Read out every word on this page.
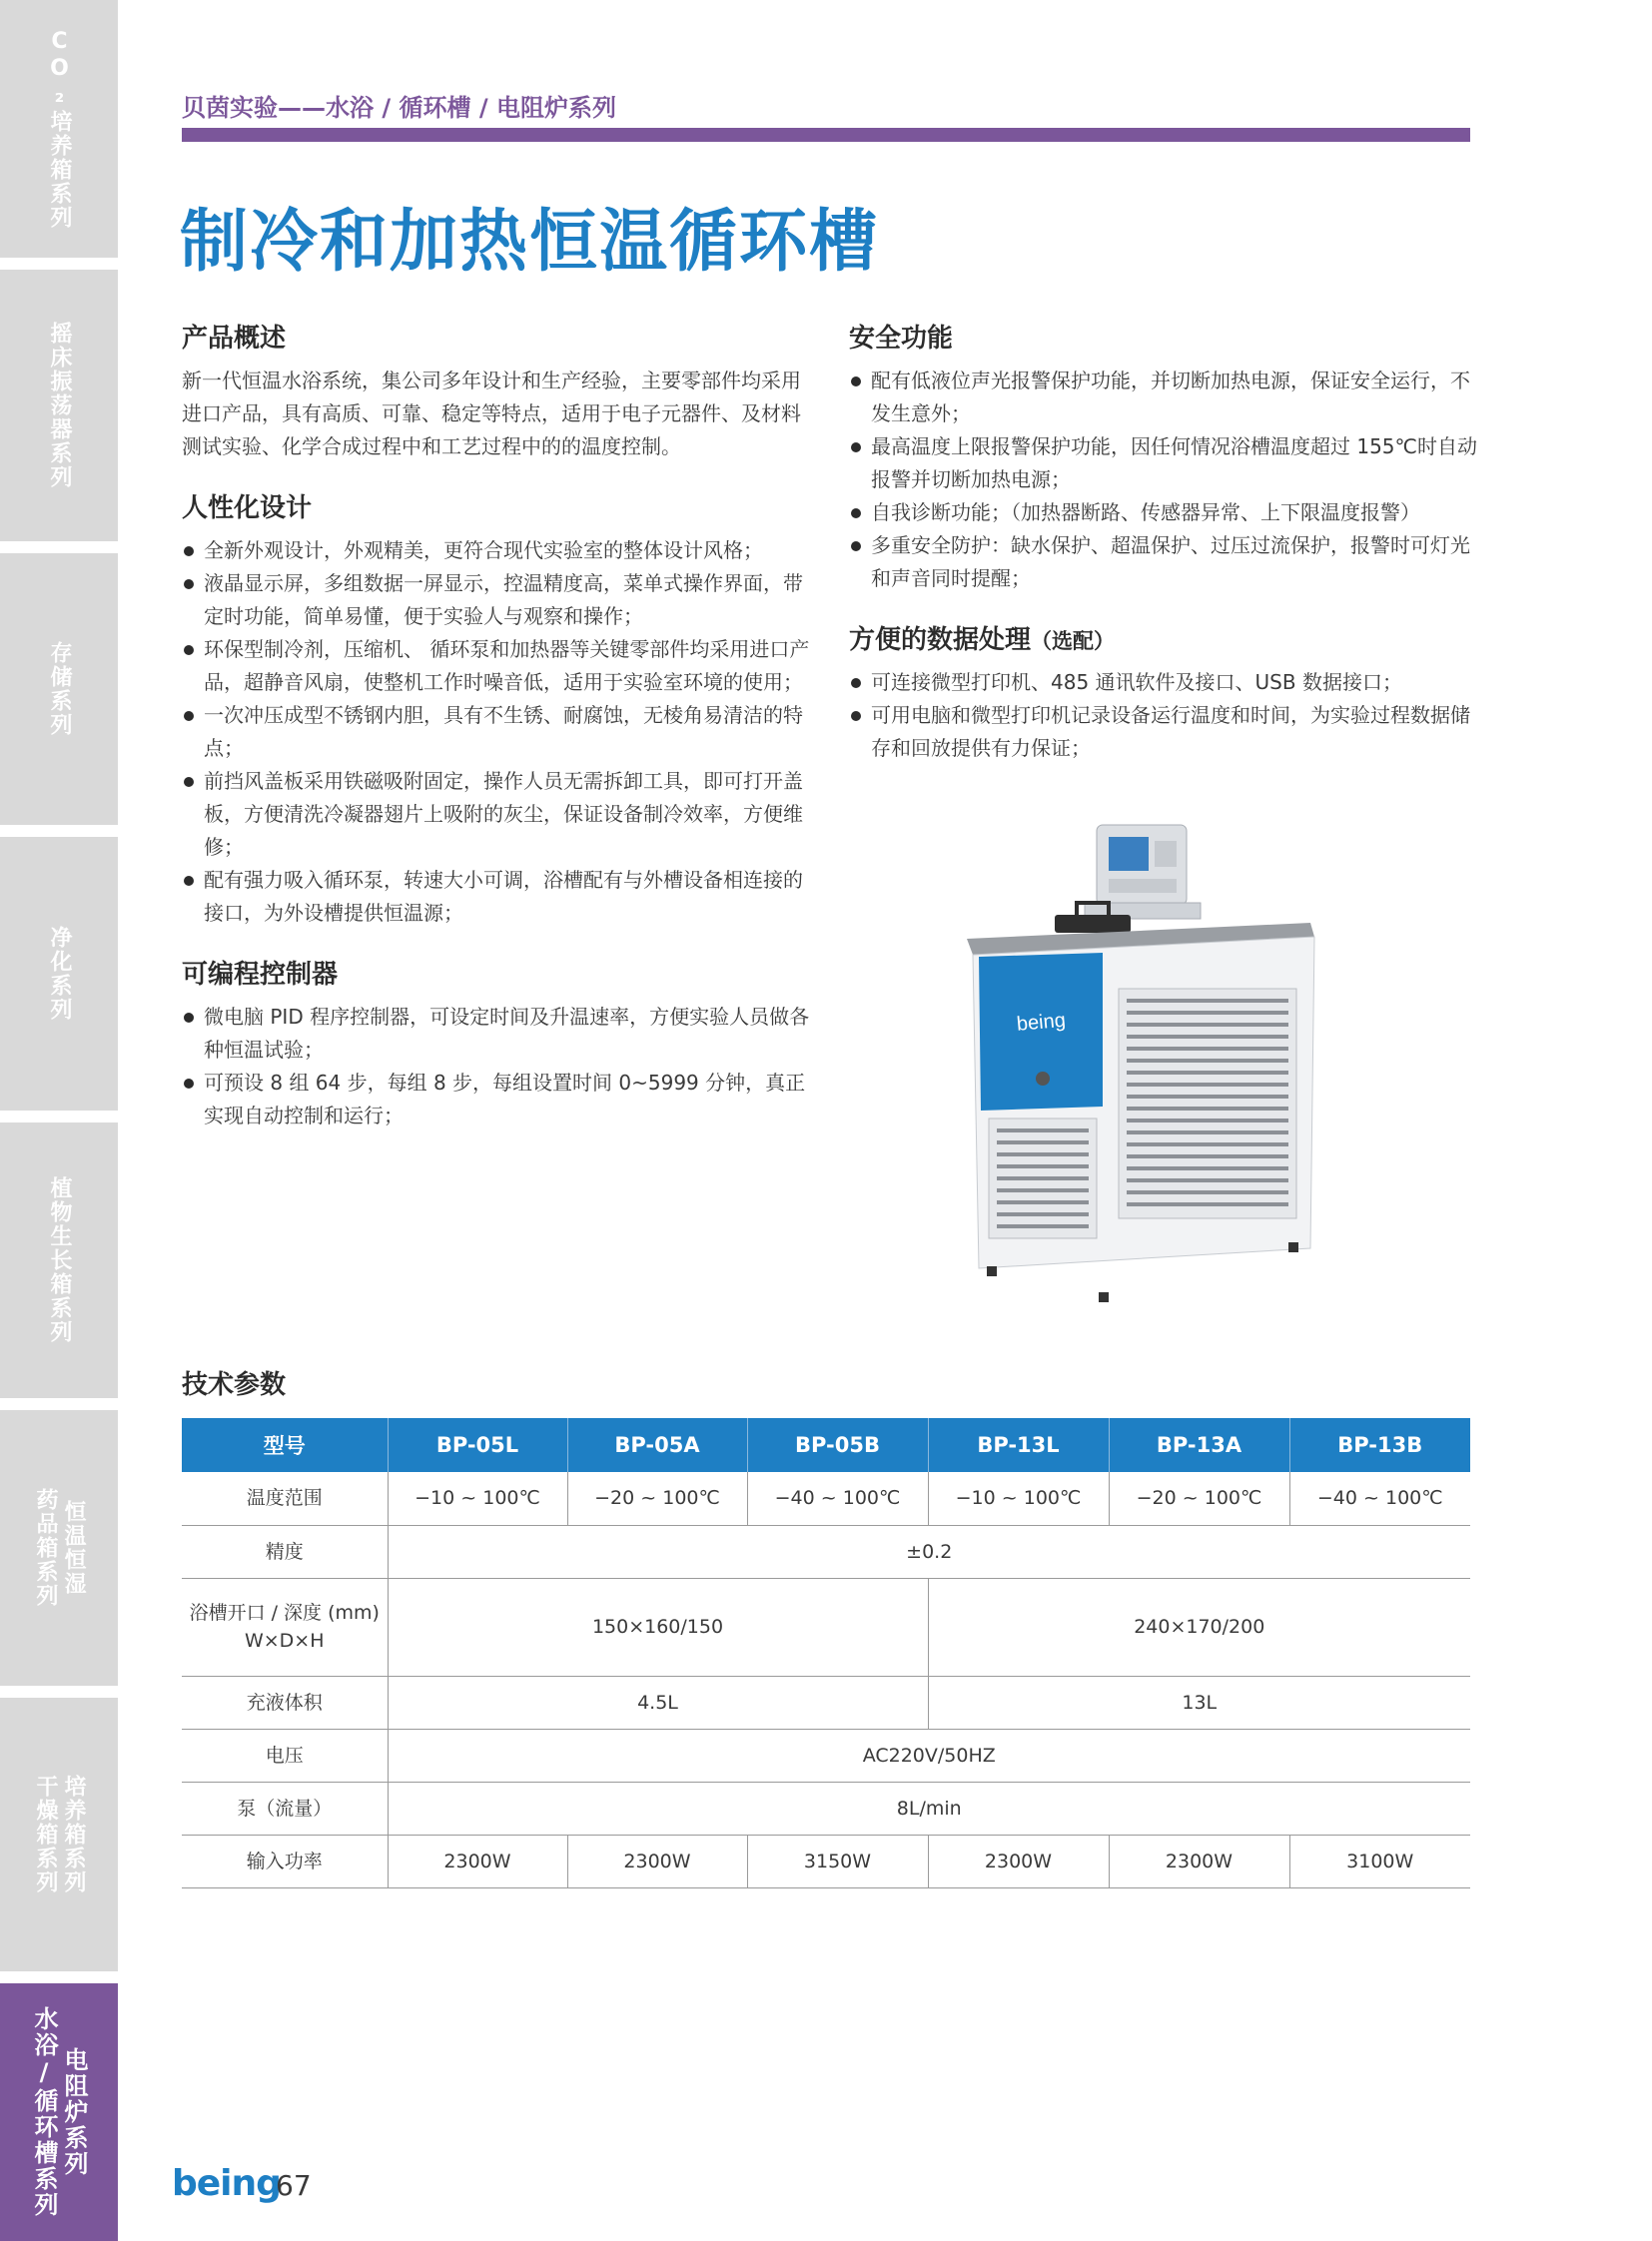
CO₂培养箱系列
摇床振荡器系列
存储系列
净化系列
植物生长箱系列
药品箱系列 恒温恒湿
干燥箱系列 培养箱系列
水浴/循环槽系列 电阻炉系列
贝茵实验——水浴 / 循环槽 / 电阻炉系列
制冷和加热恒温循环槽
产品概述

新一代恒温水浴系统，集公司多年设计和生产经验，主要零部件均采用进口产品，具有高质、可靠、稳定等特点，适用于电子元器件、及材料测试实验、化学合成过程中和工艺过程中的的温度控制。

人性化设计
全新外观设计，外观精美，更符合现代实验室的整体设计风格；
液晶显示屏，多组数据一屏显示，控温精度高，菜单式操作界面，带定时功能，简单易懂，便于实验人与观察和操作；
环保型制冷剂，压缩机、 循环泵和加热器等关键零部件均采用进口产品，超静音风扇，使整机工作时噪音低，适用于实验室环境的使用；
一次冲压成型不锈钢内胆，具有不生锈、耐腐蚀，无棱角易清洁的特点；
前挡风盖板采用铁磁吸附固定，操作人员无需拆卸工具，即可打开盖板，方便清洗冷凝器翅片上吸附的灰尘，保证设备制冷效率，方便维修；
配有强力吸入循环泵，转速大小可调，浴槽配有与外槽设备相连接的接口，为外设槽提供恒温源；
可编程控制器
微电脑 PID 程序控制器，可设定时间及升温速率，方便实验人员做各种恒温试验；
可预设 8 组 64 步，每组 8 步，每组设置时间 0~5999 分钟，真正实现自动控制和运行；
安全功能
配有低液位声光报警保护功能，并切断加热电源，保证安全运行，不发生意外；
最高温度上限报警保护功能，因任何情况浴槽温度超过 155℃时自动报警并切断加热电源；
自我诊断功能；（加热器断路、传感器异常、上下限温度报警）
多重安全防护：缺水保护、超温保护、过压过流保护，报警时可灯光和声音同时提醒；
方便的数据处理（选配）
可连接微型打印机、485 通讯软件及接口、USB 数据接口；
可用电脑和微型打印机记录设备运行温度和时间，为实验过程数据储存和回放提供有力保证；
being
技术参数
型号	BP-05L	BP-05A	BP-05B	BP-13L	BP-13A	BP-13B
温度范围	−10 ~ 100℃	−20 ~ 100℃	−40 ~ 100℃	−10 ~ 100℃	−20 ~ 100℃	−40 ~ 100℃
精度	±0.2					
浴槽开口 / 深度 (mm)
W×D×H	150×160/150			240×170/200		
充液体积	4.5L			13L		
电压	AC220V/50HZ					
泵（流量）	8L/min					
输入功率	2300W	2300W	3150W	2300W	2300W	3100W
being
67
